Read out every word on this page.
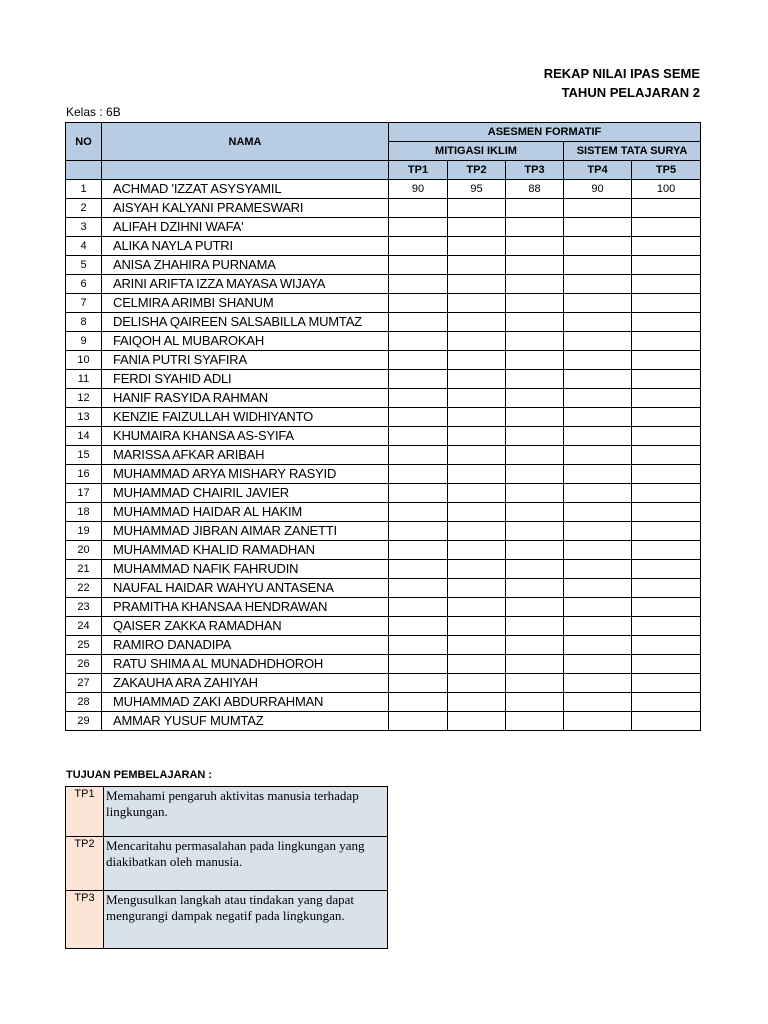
REKAP NILAI IPAS SEME
TAHUN PELAJARAN 2
Kelas : 6B
NO	NAMA	ASESMEN FORMATIF				
		MITIGASI IKLIM			SISTEM TATA SURYA	
		TP1	TP2	TP3	TP4	TP5
1	ACHMAD 'IZZAT ASYSYAMIL	90	95	88	90	100
2	AISYAH KALYANI PRAMESWARI					
3	ALIFAH DZIHNI WAFA'					
4	ALIKA NAYLA PUTRI					
5	ANISA ZHAHIRA PURNAMA					
6	ARINI ARIFTA IZZA MAYASA WIJAYA					
7	CELMIRA ARIMBI SHANUM					
8	DELISHA QAIREEN SALSABILLA MUMTAZ					
9	FAIQOH AL MUBAROKAH					
10	FANIA PUTRI SYAFIRA					
11	FERDI SYAHID ADLI					
12	HANIF RASYIDA RAHMAN					
13	KENZIE FAIZULLAH WIDHIYANTO					
14	KHUMAIRA KHANSA AS-SYIFA					
15	MARISSA AFKAR ARIBAH					
16	MUHAMMAD ARYA MISHARY RASYID					
17	MUHAMMAD CHAIRIL JAVIER					
18	MUHAMMAD HAIDAR AL HAKIM					
19	MUHAMMAD JIBRAN AIMAR ZANETTI					
20	MUHAMMAD KHALID RAMADHAN					
21	MUHAMMAD NAFIK FAHRUDIN					
22	NAUFAL HAIDAR WAHYU ANTASENA					
23	PRAMITHA KHANSAA HENDRAWAN					
24	QAISER ZAKKA RAMADHAN					
25	RAMIRO DANADIPA					
26	RATU SHIMA AL MUNADHDHOROH					
27	ZAKAUHA ARA ZAHIYAH					
28	MUHAMMAD ZAKI ABDURRAHMAN					
29	AMMAR YUSUF MUMTAZ					
TUJUAN PEMBELAJARAN :
TP1	Memahami pengaruh aktivitas manusia terhadap lingkungan.
TP2	Mencaritahu permasalahan pada lingkungan yang diakibatkan oleh manusia.
TP3	Mengusulkan langkah atau tindakan yang dapat mengurangi dampak negatif pada lingkungan.
